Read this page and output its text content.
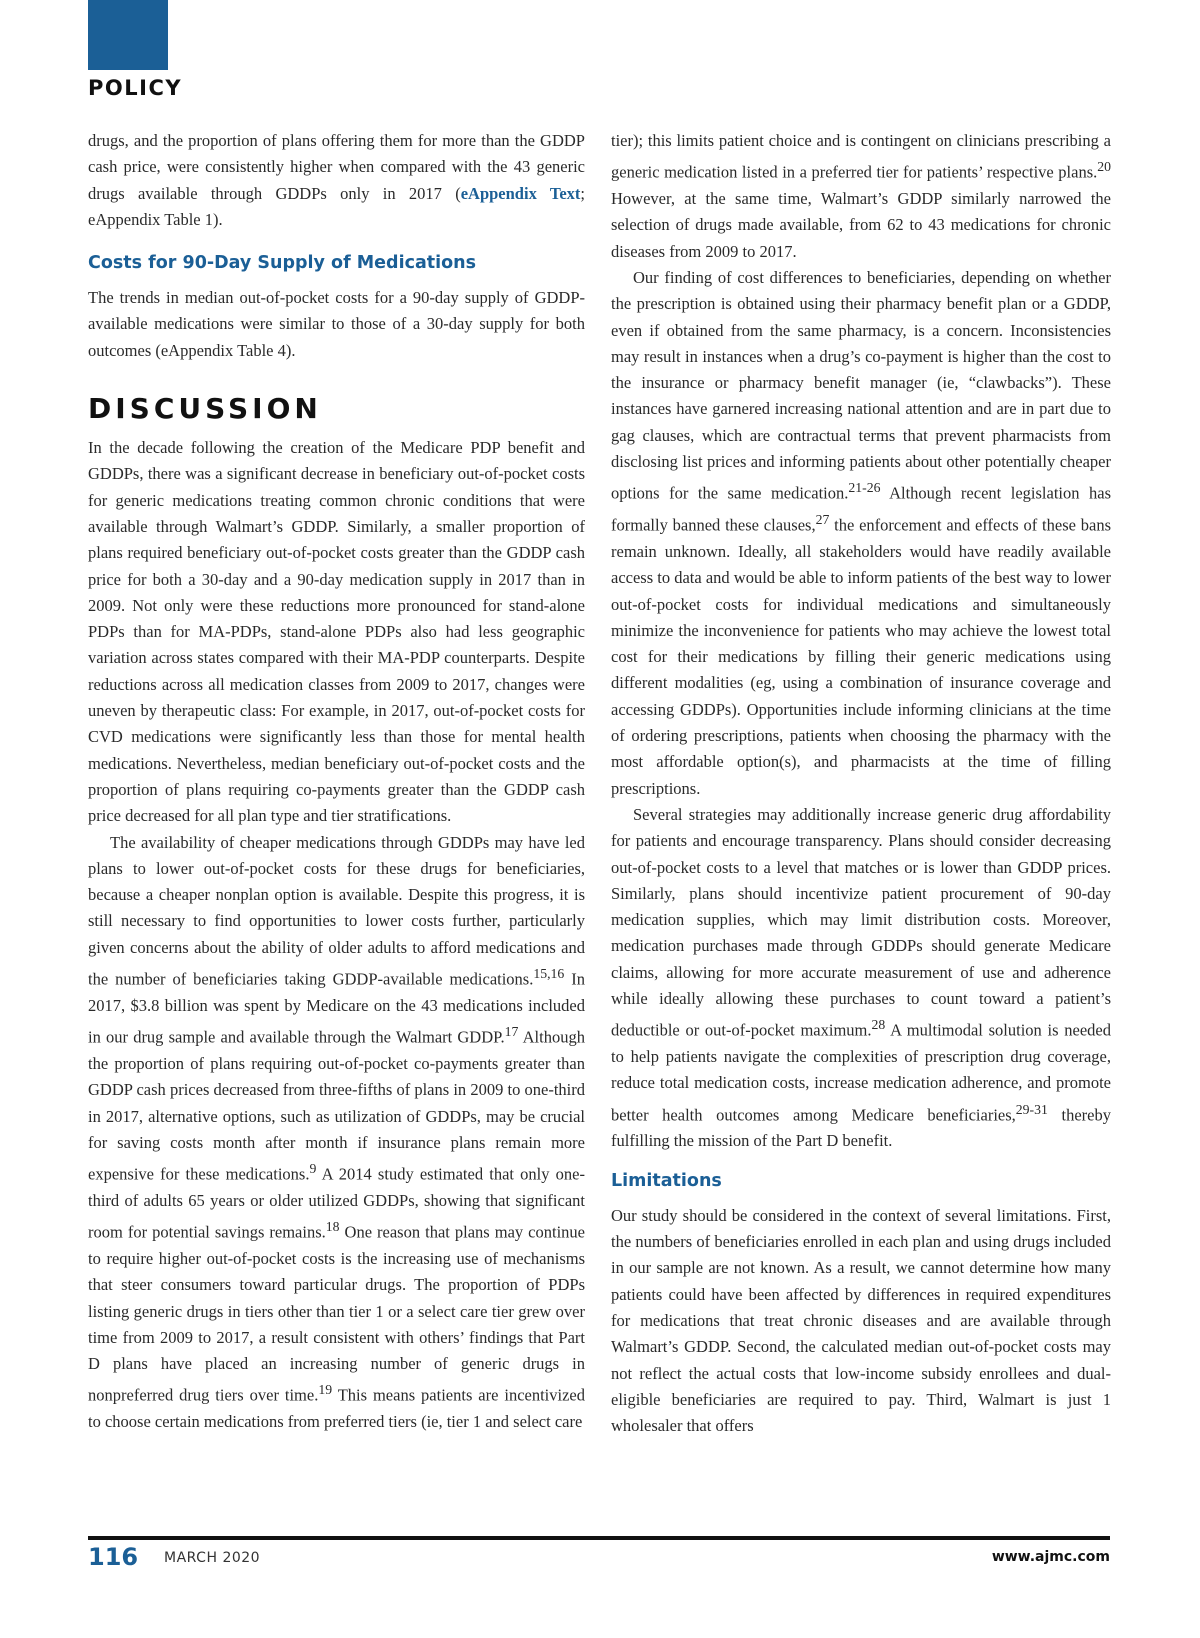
POLICY

drugs, and the proportion of plans offering them for more than the GDDP cash price, were consistently higher when compared with the 43 generic drugs available through GDDPs only in 2017 (eAppendix Text; eAppendix Table 1).

Costs for 90-Day Supply of Medications

The trends in median out-of-pocket costs for a 90-day supply of GDDP-available medications were similar to those of a 30-day supply for both outcomes (eAppendix Table 4).

DISCUSSION

In the decade following the creation of the Medicare PDP benefit and GDDPs, there was a significant decrease in beneficiary out-of-pocket costs for generic medications treating common chronic conditions that were available through Walmart’s GDDP. Similarly, a smaller proportion of plans required beneficiary out-of-pocket costs greater than the GDDP cash price for both a 30-day and a 90-day medication supply in 2017 than in 2009. Not only were these reductions more pronounced for stand-alone PDPs than for MA-PDPs, stand-alone PDPs also had less geographic variation across states compared with their MA-PDP counterparts. Despite reductions across all medication classes from 2009 to 2017, changes were uneven by therapeutic class: For example, in 2017, out-of-pocket costs for CVD medications were significantly less than those for mental health medications. Nevertheless, median beneficiary out-of-pocket costs and the proportion of plans requiring co-payments greater than the GDDP cash price decreased for all plan type and tier stratifications.

The availability of cheaper medications through GDDPs may have led plans to lower out-of-pocket costs for these drugs for beneficiaries, because a cheaper nonplan option is available. Despite this progress, it is still necessary to find opportunities to lower costs further, particularly given concerns about the ability of older adults to afford medications and the number of beneficiaries taking GDDP-available medications.$^{15,16}$ In 2017, $3.8 billion was spent by Medicare on the 43 medications included in our drug sample and available through the Walmart GDDP.$^{17}$ Although the proportion of plans requiring out-of-pocket co-payments greater than GDDP cash prices decreased from three-fifths of plans in 2009 to one-third in 2017, alternative options, such as utilization of GDDPs, may be crucial for saving costs month after month if insurance plans remain more expensive for these medications.$^9$ A 2014 study estimated that only one-third of adults 65 years or older utilized GDDPs, showing that significant room for potential savings remains.$^{18}$ One reason that plans may continue to require higher out-of-pocket costs is the increasing use of mechanisms that steer consumers toward particular drugs. The proportion of PDPs listing generic drugs in tiers other than tier 1 or a select care tier grew over time from 2009 to 2017, a result consistent with others’ findings that Part D plans have placed an increasing number of generic drugs in nonpreferred drug tiers over time.$^{19}$ This means patients are incentivized to choose certain medications from preferred tiers (ie, tier 1 and select care

tier); this limits patient choice and is contingent on clinicians prescribing a generic medication listed in a preferred tier for patients’ respective plans.$^{20}$ However, at the same time, Walmart’s GDDP similarly narrowed the selection of drugs made available, from 62 to 43 medications for chronic diseases from 2009 to 2017.

Our finding of cost differences to beneficiaries, depending on whether the prescription is obtained using their pharmacy benefit plan or a GDDP, even if obtained from the same pharmacy, is a concern. Inconsistencies may result in instances when a drug’s co-payment is higher than the cost to the insurance or pharmacy benefit manager (ie, “clawbacks”). These instances have garnered increasing national attention and are in part due to gag clauses, which are contractual terms that prevent pharmacists from disclosing list prices and informing patients about other potentially cheaper options for the same medication.$^{21-26}$ Although recent legislation has formally banned these clauses,$^{27}$ the enforcement and effects of these bans remain unknown. Ideally, all stakeholders would have readily available access to data and would be able to inform patients of the best way to lower out-of-pocket costs for individual medications and simultaneously minimize the inconvenience for patients who may achieve the lowest total cost for their medications by filling their generic medications using different modalities (eg, using a combination of insurance coverage and accessing GDDPs). Opportunities include informing clinicians at the time of ordering prescriptions, patients when choosing the pharmacy with the most affordable option(s), and pharmacists at the time of filling prescriptions.

Several strategies may additionally increase generic drug affordability for patients and encourage transparency. Plans should consider decreasing out-of-pocket costs to a level that matches or is lower than GDDP prices. Similarly, plans should incentivize patient procurement of 90-day medication supplies, which may limit distribution costs. Moreover, medication purchases made through GDDPs should generate Medicare claims, allowing for more accurate measurement of use and adherence while ideally allowing these purchases to count toward a patient’s deductible or out-of-pocket maximum.$^{28}$ A multimodal solution is needed to help patients navigate the complexities of prescription drug coverage, reduce total medication costs, increase medication adherence, and promote better health outcomes among Medicare beneficiaries,$^{29-31}$ thereby fulfilling the mission of the Part D benefit.

Limitations

Our study should be considered in the context of several limitations. First, the numbers of beneficiaries enrolled in each plan and using drugs included in our sample are not known. As a result, we cannot determine how many patients could have been affected by differences in required expenditures for medications that treat chronic diseases and are available through Walmart’s GDDP. Second, the calculated median out-of-pocket costs may not reflect the actual costs that low-income subsidy enrollees and dual-eligible beneficiaries are required to pay. Third, Walmart is just 1 wholesaler that offers

116 MARCH 2020	www.ajmc.com
